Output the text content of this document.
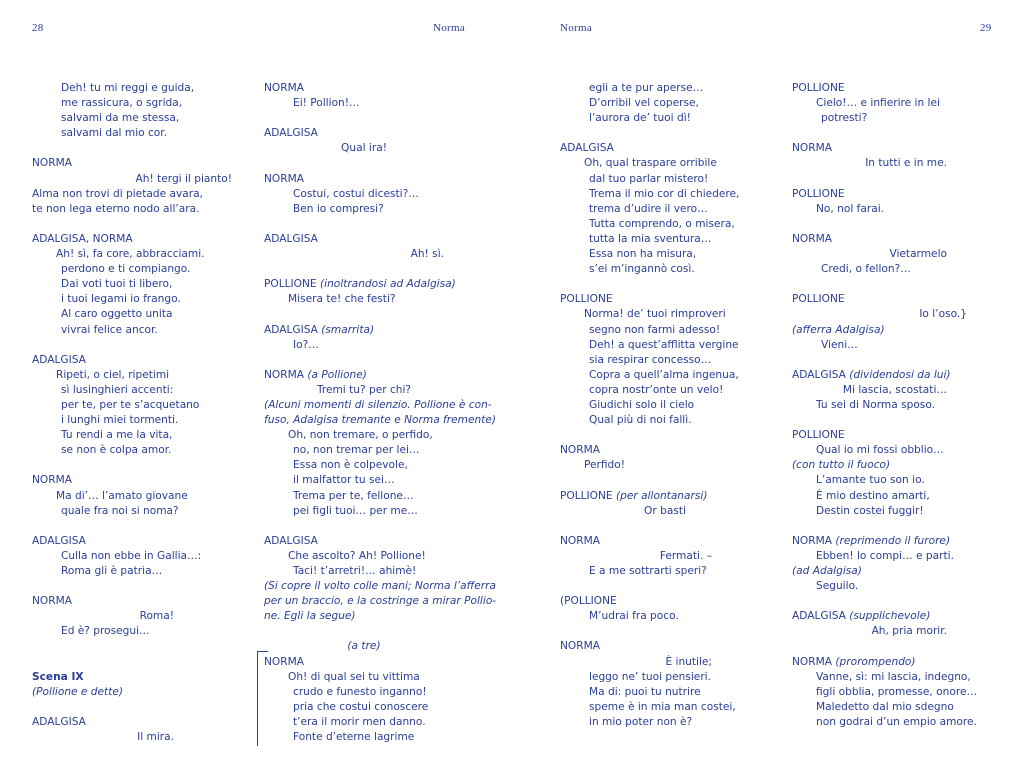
28	Norma
Deh! tu mi reggi e guida,
me rassicura, o sgrida,
salvami da me stessa,
salvami dal mio cor.
NORMA
Ah! tergi il pianto!
Alma non trovi di pietade avara,
te non lega eterno nodo all’ara.
ADALGISA, NORMA
Ah! sì, fa core, abbracciami.
perdono e ti compiango.
Dai voti tuoi ti libero,
i tuoi legami io frango.
Al caro oggetto unita
vivrai felice ancor.
ADALGISA
Ripeti, o ciel, ripetimi
sì lusinghieri accenti:
per te, per te s’acquetano
i lunghi miei tormenti.
Tu rendi a me la vita,
se non è colpa amor.
NORMA
Ma di’… l’amato giovane
quale fra noi si noma?
ADALGISA
Culla non ebbe in Gallia…:
Roma gli è patria…
NORMA
Roma!
Ed è? prosegui…
Scena IX
(Pollione e dette)
ADALGISA
Il mira.
NORMA
Ei! Pollion!…
ADALGISA
Qual ira!
NORMA
Costui, costui dicesti?…
Ben io compresi?
ADALGISA
Ah! sì.
POLLIONE (inoltrandosi ad Adalgisa)
Misera te! che festi?
ADALGISA (smarrita)
Io?…
NORMA (a Pollione)
Tremi tu? per chi?
(Alcuni momenti di silenzio. Pollione è con-
fuso, Adalgisa tremante e Norma fremente)
Oh, non tremare, o perfido,
no, non tremar per lei…
Essa non è colpevole,
il malfattor tu sei…
Trema per te, fellone…
pei figli tuoi… per me…
ADALGISA
Che ascolto? Ah! Pollione!
Taci! t’arretri!… ahimè!
(Si copre il volto colle mani; Norma l’afferra
per un braccio, e la costringe a mirar Pollio-
ne. Egli la segue)
(a tre)
NORMA
Oh! di qual sei tu vittima
crudo e funesto inganno!
pria che costui conoscere
t’era il morir men danno.
Fonte d’eterne lagrime
Norma	29
egli a te pur aperse…
D’orribil vel coperse,
l’aurora de’ tuoi dì!
ADALGISA
Oh, qual traspare orribile
dal tuo parlar mistero!
Trema il mio cor di chiedere,
trema d’udire il vero…
Tutta comprendo, o misera,
tutta la mia sventura…
Essa non ha misura,
s’ei m’ingannò così.
POLLIONE
Norma! de’ tuoi rimproveri
segno non farmi adesso!
Deh! a quest’afflitta vergine
sia respirar concesso…
Copra a quell’alma ingenua,
copra nostr’onte un velo!
Giudichi solo il cielo
Qual più di noi fallì.
NORMA
Perfido!
POLLIONE (per allontanarsi)
Or basti
NORMA
Fermati. –
E a me sottrarti speri?
(POLLIONE
M’udrai fra poco.
NORMA
È inutile;
leggo ne’ tuoi pensieri.
Ma di: puoi tu nutrire
speme è in mia man costei,
in mio poter non è?
POLLIONE
Cielo!… e infierire in lei
potresti?
NORMA
In tutti e in me.
POLLIONE
No, nol farai.
NORMA
Vietarmelo
Credi, o fellon?…
POLLIONE
Io l’oso.}
(afferra Adalgisa)
Vieni…
ADALGISA (dividendosi da lui)
Mi lascia, scostati…
Tu sei di Norma sposo.
POLLIONE
Qual io mi fossi obblio…
(con tutto il fuoco)
L’amante tuo son io.
È mio destino amarti,
Destin costei fuggir!
NORMA (reprimendo il furore)
Ebben! lo compi… e parti.
(ad Adalgisa)
Seguilo.
ADALGISA (supplichevole)
Ah, pria morir.
NORMA (prorompendo)
Vanne, sì: mi lascia, indegno,
figli obblia, promesse, onore…
Maledetto dal mio sdegno
non godrai d’un empio amore.
